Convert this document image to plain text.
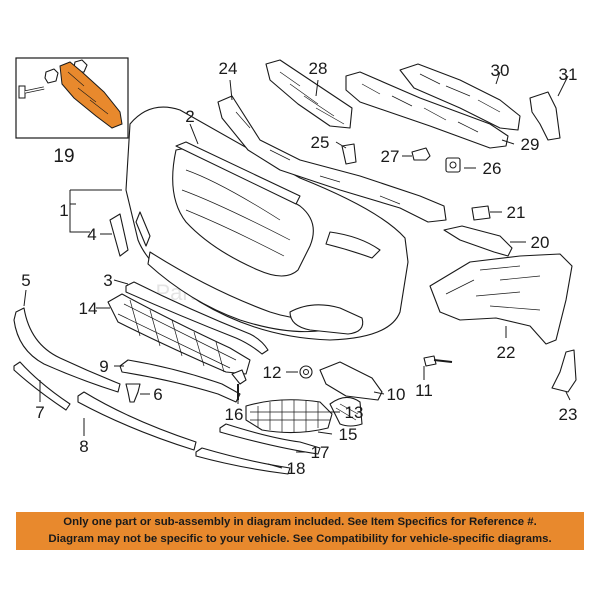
19
1
2
3
4
5
6
7
8
9
10 11
12
13
14
15
16
17
18
20
21
22
23
24
25
26
27
28
29
30	31
Only one part or sub-assembly in diagram included. See Item Specifics for Reference #.
Diagram may not be specific to your vehicle. See Compatibility for vehicle-specific diagrams.
